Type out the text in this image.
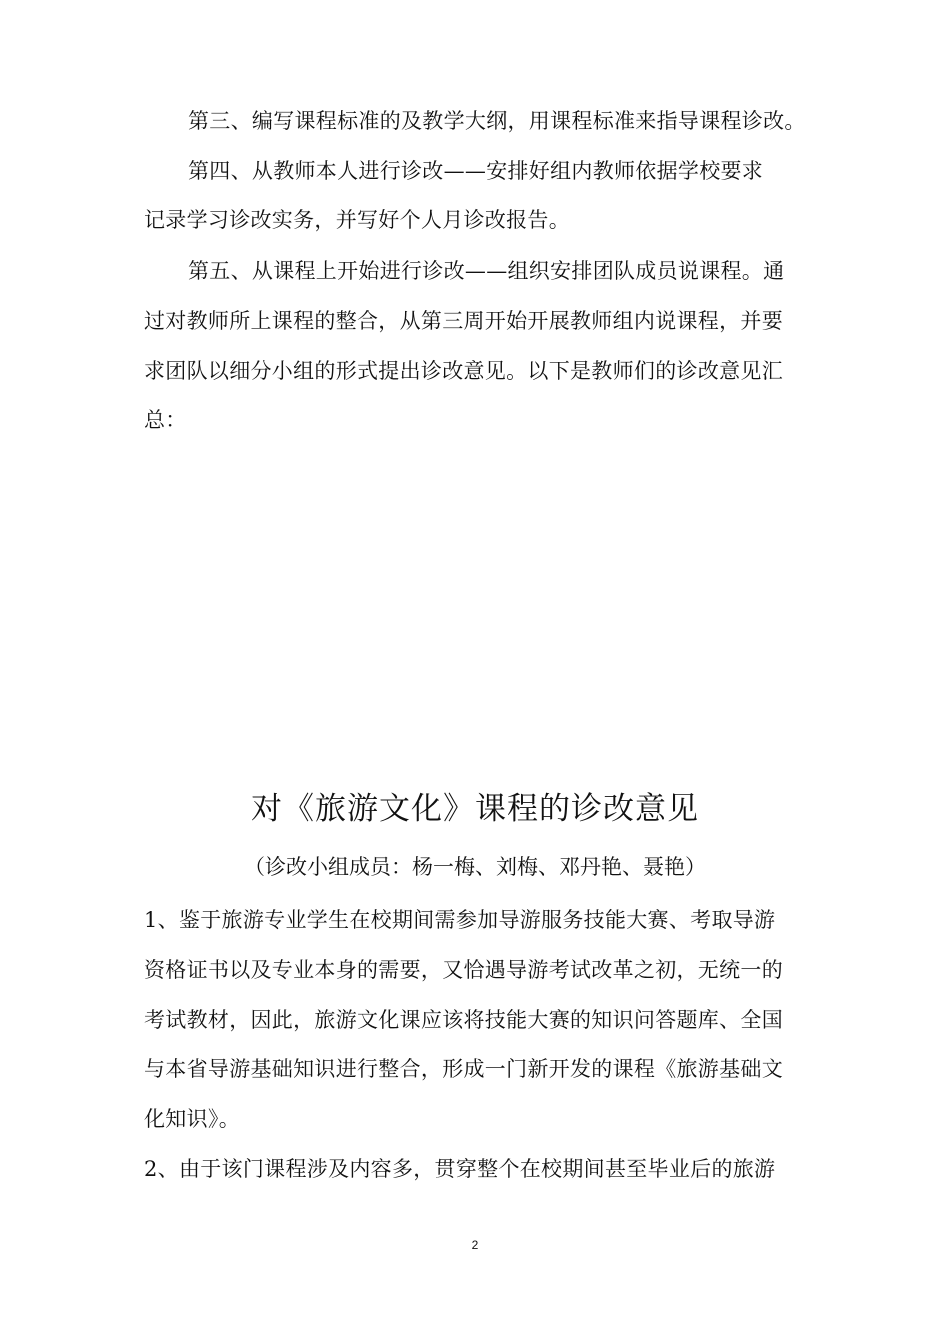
第三、编写课程标准的及教学大纲，用课程标准来指导课程诊改。
第四、从教师本人进行诊改——安排好组内教师依据学校要求
记录学习诊改实务，并写好个人月诊改报告。
第五、从课程上开始进行诊改——组织安排团队成员说课程。通
过对教师所上课程的整合，从第三周开始开展教师组内说课程，并要
求团队以细分小组的形式提出诊改意见。以下是教师们的诊改意见汇
总：
对《旅游文化》课程的诊改意见
（诊改小组成员：杨一梅、刘梅、邓丹艳、聂艳）
1、鉴于旅游专业学生在校期间需参加导游服务技能大赛、考取导游
资格证书以及专业本身的需要，又恰遇导游考试改革之初，无统一的
考试教材，因此，旅游文化课应该将技能大赛的知识问答题库、全国
与本省导游基础知识进行整合，形成一门新开发的课程《旅游基础文
化知识》。
2、由于该门课程涉及内容多，贯穿整个在校期间甚至毕业后的旅游
2
